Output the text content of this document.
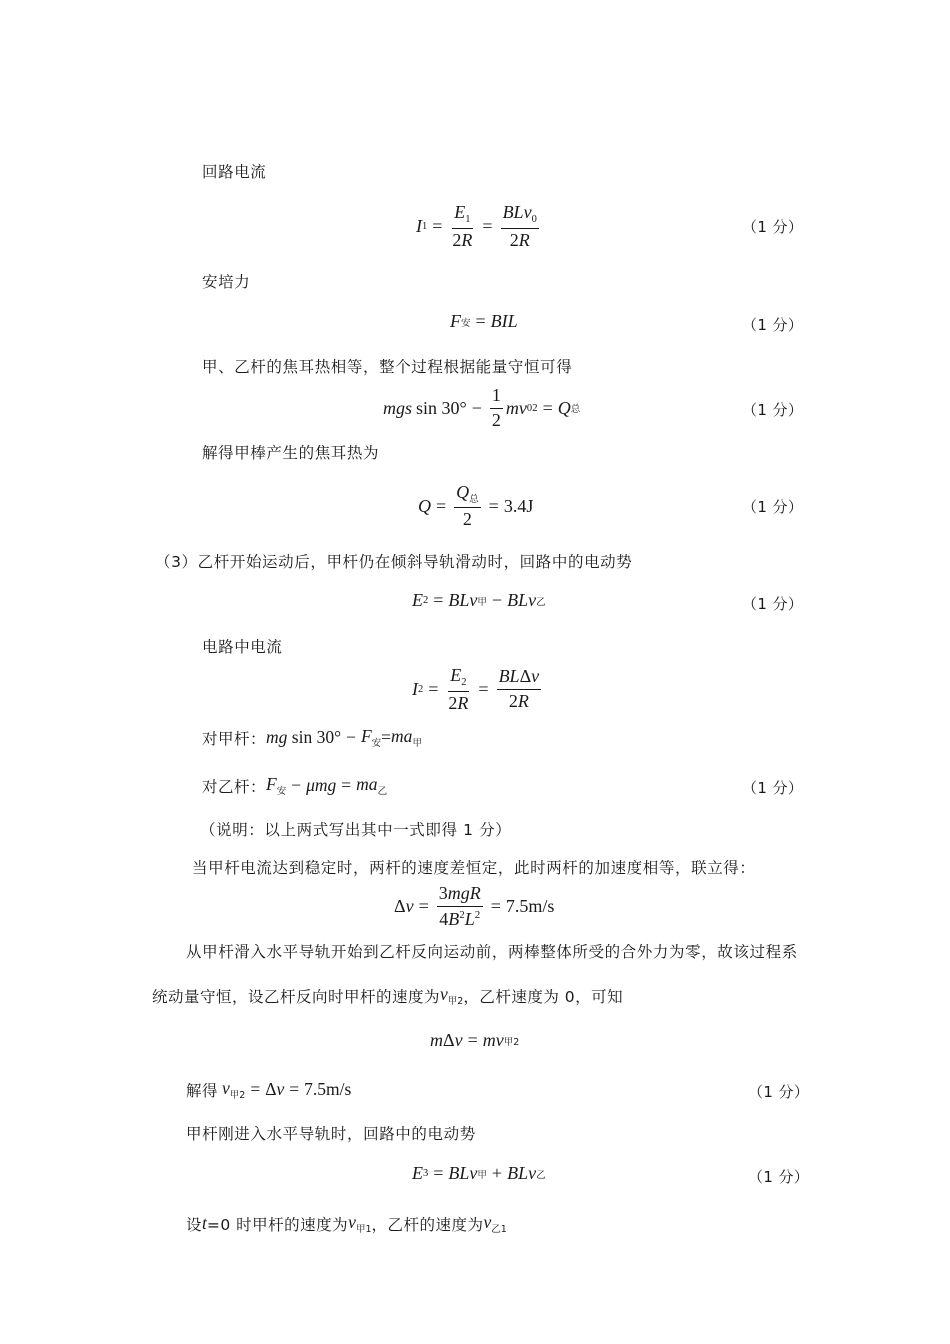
回路电流
I $1 = \frac{E_1}{2R} = \frac{BLv_0}{2R}$	（1 分）
安培力
F 安 = BIL	（1 分）
甲、乙杆的焦耳热相等，整个过程根据能量守恒可得
mgs $\sin 30^\circ - \frac{1}{2}$ mv 0 2 = Q 总	（1 分）
解得甲棒产生的焦耳热为
$Q = \frac{Q_总}{2} = 3.4J$	（1 分）
（3）乙杆开始运动后，甲杆仍在倾斜导轨滑动时，回路中的电动势
E 2 = BLv 甲 − BLv 乙	（1 分）
电路中电流
I $2 = \frac{E_2}{2R} = \frac{\text{BLΔv}}{2R}$
对甲杆： mg $\sin 30^\circ - F_安 = ma_甲$
对乙杆： $F_安 - \mu mg = ma_乙$	（1 分）
（说明：以上两式写出其中一式即得 1 分）
当甲杆电流达到稳定时，两杆的速度差恒定，此时两杆的加速度相等，联立得：
Δ $v = \frac{\text{3mgR}}{4B^2L^2} = 7.5m/s$
从甲杆滑入水平导轨开始到乙杆反向运动前，两棒整体所受的合外力为零，故该过程系
统动量守恒，设乙杆反向时甲杆的速度为 $v_{甲2}$ ，乙杆速度为 0，可知
m Δ v = mv 甲2
解得 $v_{甲2} = \Delta v = 7.5m/s$	（1 分）
甲杆刚进入水平导轨时，回路中的电动势
E 3 = BLv 甲 + BLv 乙	（1 分）
设 t =0 时甲杆的速度为 $v_{甲1}$ ，乙杆的速度为 $v_{乙1}$
